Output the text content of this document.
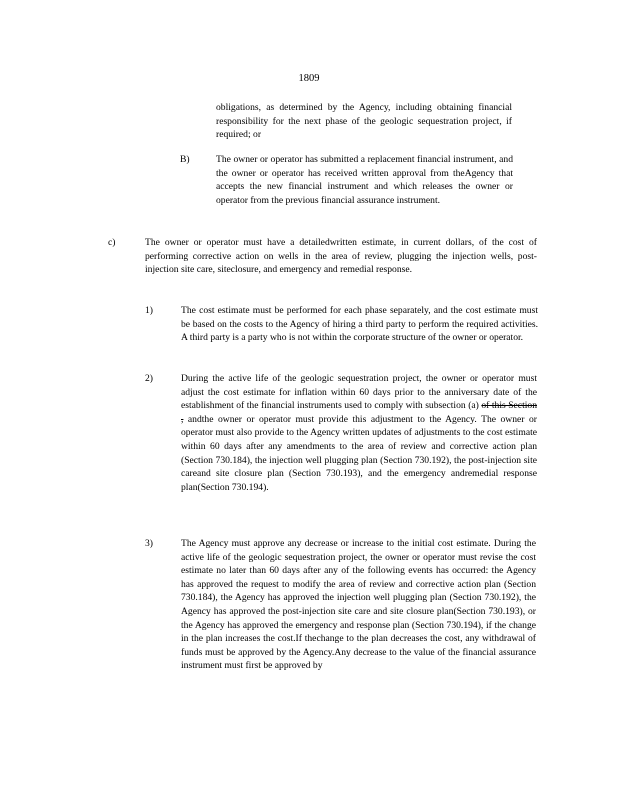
1809
obligations, as determined by the Agency, including obtaining financial responsibility for the next phase of the geologic sequestration project, if required; or
B)	The owner or operator has submitted a replacement financial instrument, and the owner or operator has received written approval from theAgency that accepts the new financial instrument and which releases the owner or operator from the previous financial assurance instrument.
c)	The owner or operator must have a detailedwritten estimate, in current dollars, of the cost of performing corrective action on wells in the area of review, plugging the injection wells, post-injection site care, siteclosure, and emergency and remedial response.
1)	The cost estimate must be performed for each phase separately, and the cost estimate must be based on the costs to the Agency of hiring a third party to perform the required activities. A third party is a party who is not within the corporate structure of the owner or operator.
2)	During the active life of the geologic sequestration project, the owner or operator must adjust the cost estimate for inflation within 60 days prior to the anniversary date of the establishment of the financial instruments used to comply with subsection (a) of this Section , andthe owner or operator must provide this adjustment to the Agency. The owner or operator must also provide to the Agency written updates of adjustments to the cost estimate within 60 days after any amendments to the area of review and corrective action plan (Section 730.184), the injection well plugging plan (Section 730.192), the post-injection site careand site closure plan (Section 730.193), and the emergency andremedial response plan(Section 730.194).
3)	The Agency must approve any decrease or increase to the initial cost estimate. During the active life of the geologic sequestration project, the owner or operator must revise the cost estimate no later than 60 days after any of the following events has occurred: the Agency has approved the request to modify the area of review and corrective action plan (Section 730.184), the Agency has approved the injection well plugging plan (Section 730.192), the Agency has approved the post-injection site care and site closure plan(Section 730.193), or the Agency has approved the emergency and response plan (Section 730.194), if the change in the plan increases the cost.If thechange to the plan decreases the cost, any withdrawal of funds must be approved by the Agency.Any decrease to the value of the financial assurance instrument must first be approved by
